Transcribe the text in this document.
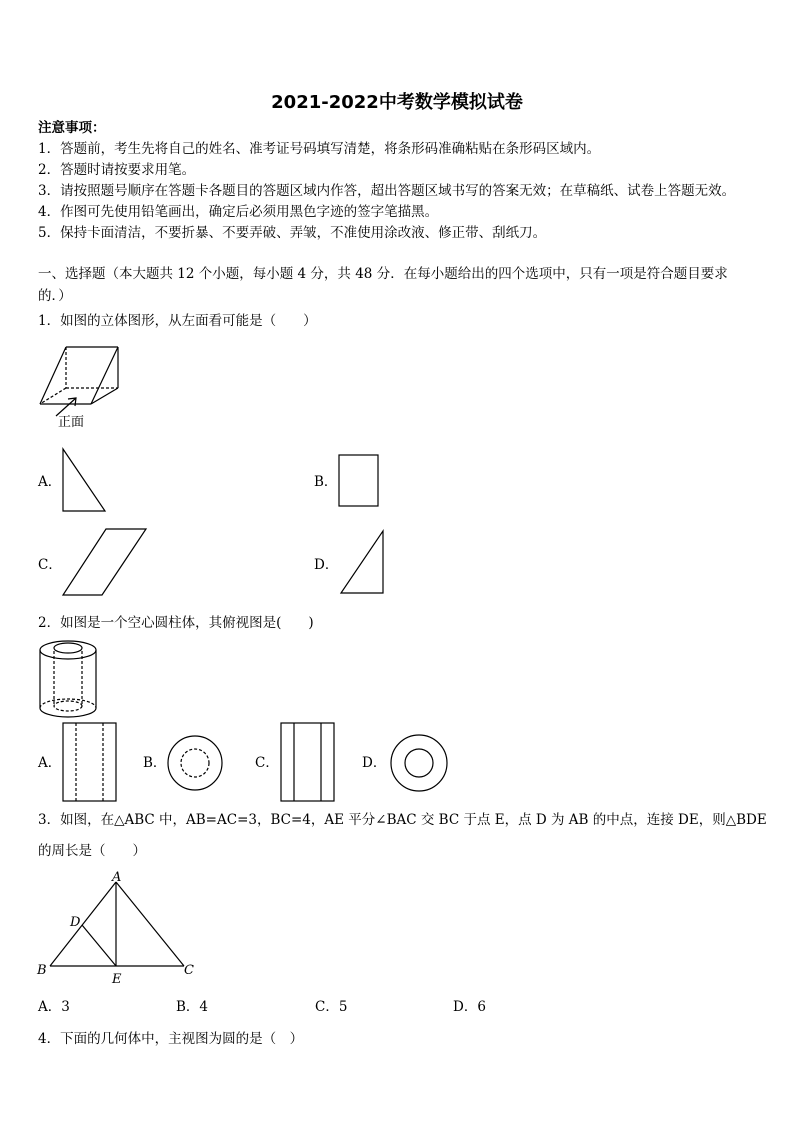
2021-2022中考数学模拟试卷
注意事项：
1．答题前，考生先将自己的姓名、准考证号码填写清楚，将条形码准确粘贴在条形码区域内。
2．答题时请按要求用笔。
3．请按照题号顺序在答题卡各题目的答题区域内作答，超出答题区域书写的答案无效；在草稿纸、试卷上答题无效。
4．作图可先使用铅笔画出，确定后必须用黑色字迹的签字笔描黑。
5．保持卡面清洁，不要折暴、不要弄破、弄皱，不准使用涂改液、修正带、刮纸刀。
一、选择题（本大题共 12 个小题，每小题 4 分，共 48 分．在每小题给出的四个选项中，只有一项是符合题目要求
的．）
1．如图的立体图形，从左面看可能是（　　）
正面
A．	B．
C．	D．
2．如图是一个空心圆柱体，其俯视图是(　　)
A．	B．	C．	D．
3．如图，在△ABC 中，AB=AC=3，BC=4，AE 平分∠BAC 交 BC 于点 E，点 D 为 AB 的中点，连接 DE，则△BDE
的周长是（　　）
A
D
B
E
C
A．3	B．4	C．5	D．6
4．下面的几何体中，主视图为圆的是（　）
